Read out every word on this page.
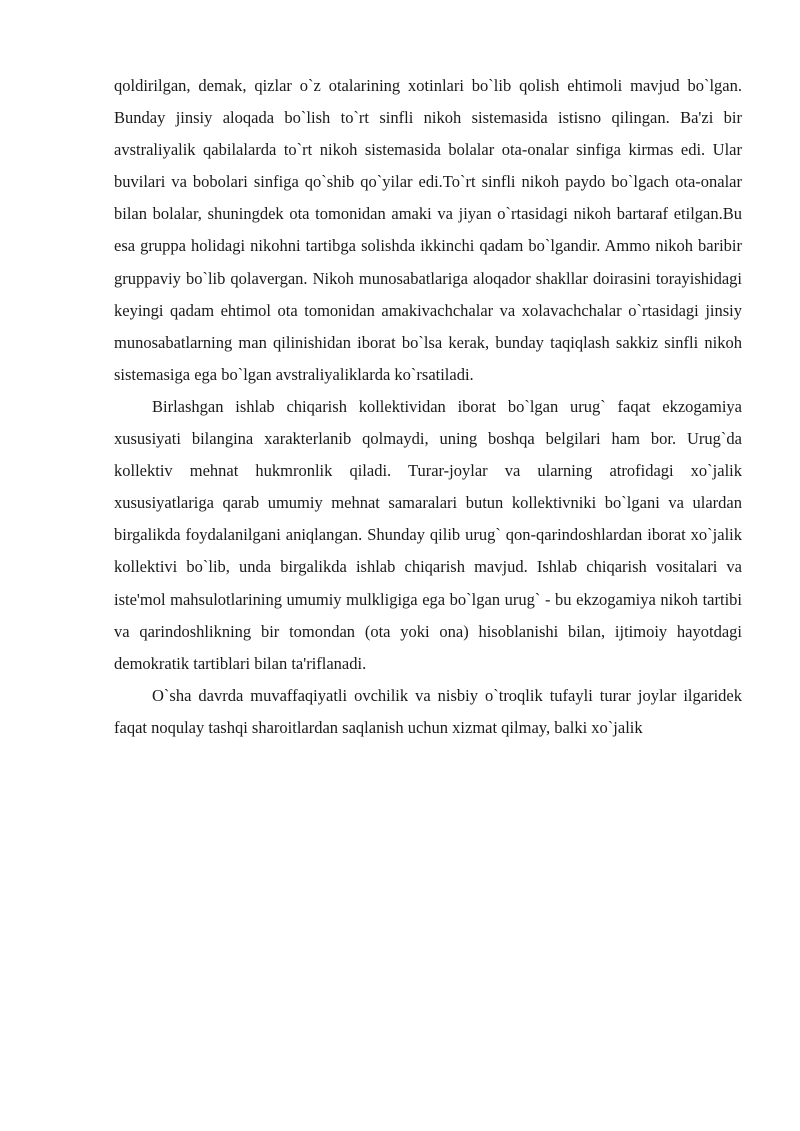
qoldirilgan, demak, qizlar o`z otalarining xotinlari bo`lib qolish ehtimoli mavjud bo`lgan. Bunday jinsiy aloqada bo`lish to`rt sinfli nikoh sistemasida istisno qilingan. Ba'zi bir avstraliyalik qabilalarda to`rt nikoh sistemasida bolalar ota-onalar sinfiga kirmas edi. Ular buvilari va bobolari sinfiga qo`shib qo`yilar edi.To`rt sinfli nikoh paydo bo`lgach ota-onalar bilan bolalar, shuningdek ota tomonidan amaki va jiyan o`rtasidagi nikoh bartaraf etilgan.Bu esa gruppa holidagi nikohni tartibga solishda ikkinchi qadam bo`lgandir. Ammo nikoh baribir gruppaviy bo`lib qolavergan. Nikoh munosabatlariga aloqador shakllar doirasini torayishidagi keyingi qadam ehtimol ota tomonidan amakivachchalar va xolavachchalar o`rtasidagi jinsiy munosabatlarning man qilinishidan iborat bo`lsa kerak, bunday taqiqlash sakkiz sinfli nikoh sistemasiga ega bo`lgan avstraliyaliklarda ko`rsatiladi.

Birlashgan ishlab chiqarish kollektividan iborat bo`lgan urug` faqat ekzogamiya xususiyati bilangina xarakterlanib qolmaydi, uning boshqa belgilari ham bor. Urug`da kollektiv mehnat hukmronlik qiladi. Turar-joylar va ularning atrofidagi xo`jalik xususiyatlariga qarab umumiy mehnat samaralari butun kollektivniki bo`lgani va ulardan birgalikda foydalanilgani aniqlangan. Shunday qilib urug` qon-qarindoshlardan iborat xo`jalik kollektivi bo`lib, unda birgalikda ishlab chiqarish mavjud. Ishlab chiqarish vositalari va iste'mol mahsulotlarining umumiy mulkligiga ega bo`lgan urug` - bu ekzogamiya nikoh tartibi va qarindoshlikning bir tomondan (ota yoki ona) hisoblanishi bilan, ijtimoiy hayotdagi demokratik tartiblari bilan ta'riflanadi.

O`sha davrda muvaffaqiyatli ovchilik va nisbiy o`troqlik tufayli turar joylar ilgaridek faqat noqulay tashqi sharoitlardan saqlanish uchun xizmat qilmay, balki xo`jalik
